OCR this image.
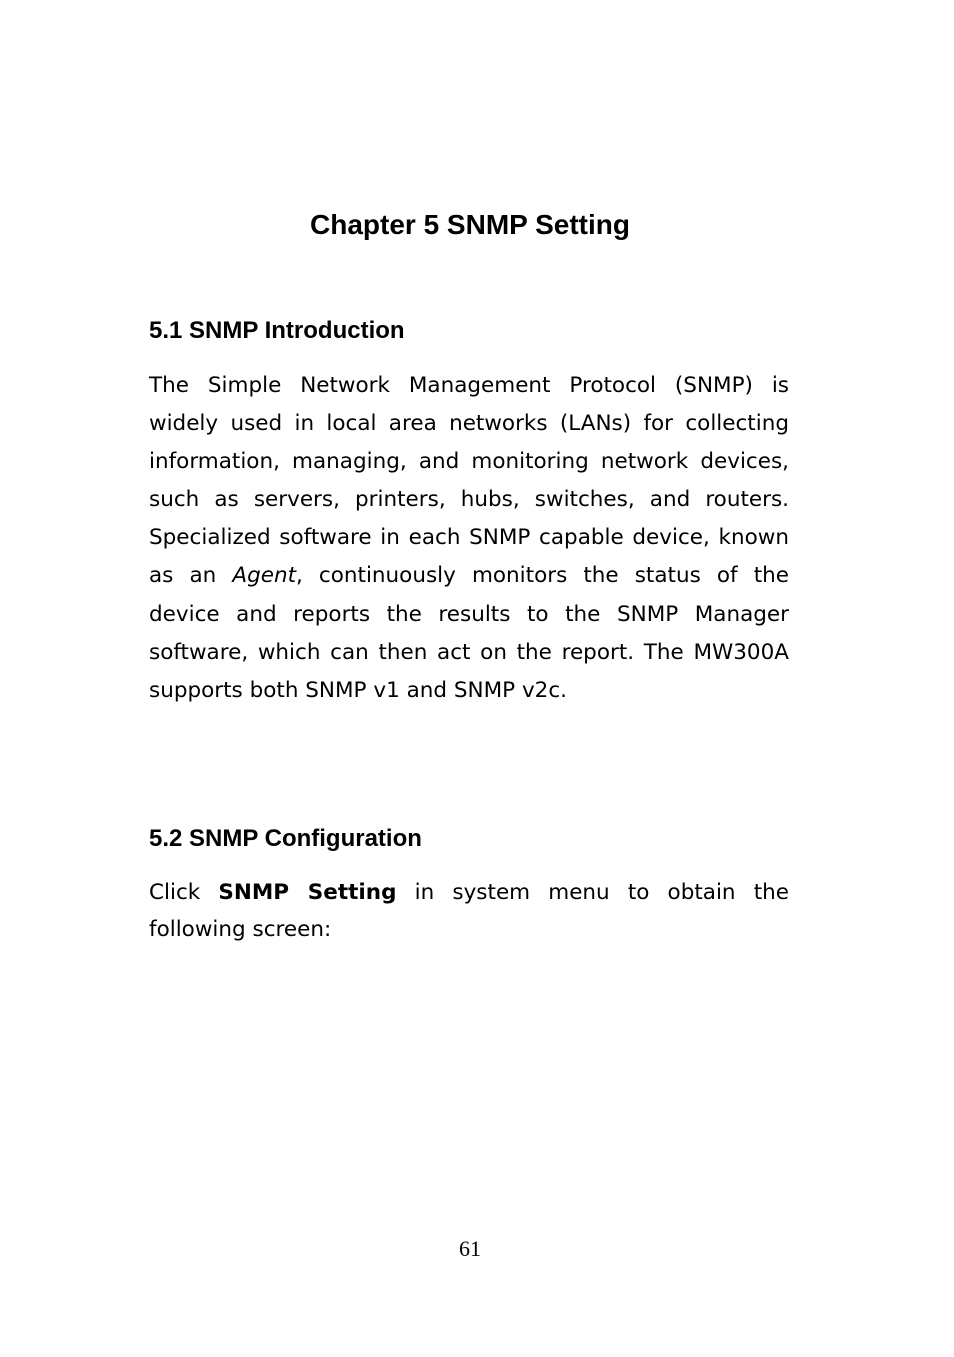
Chapter 5 SNMP Setting
5.1 SNMP Introduction

The Simple Network Management Protocol (SNMP) is widely used in local area networks (LANs) for collecting information, managing, and monitoring network devices, such as servers, printers, hubs, switches, and routers. Specialized software in each SNMP capable device, known as an Agent, continuously monitors the status of the device and reports the results to the SNMP Manager software, which can then act on the report. The MW300A supports both SNMP v1 and SNMP v2c.

5.2 SNMP Configuration

Click SNMP Setting in system menu to obtain the following screen:

61
